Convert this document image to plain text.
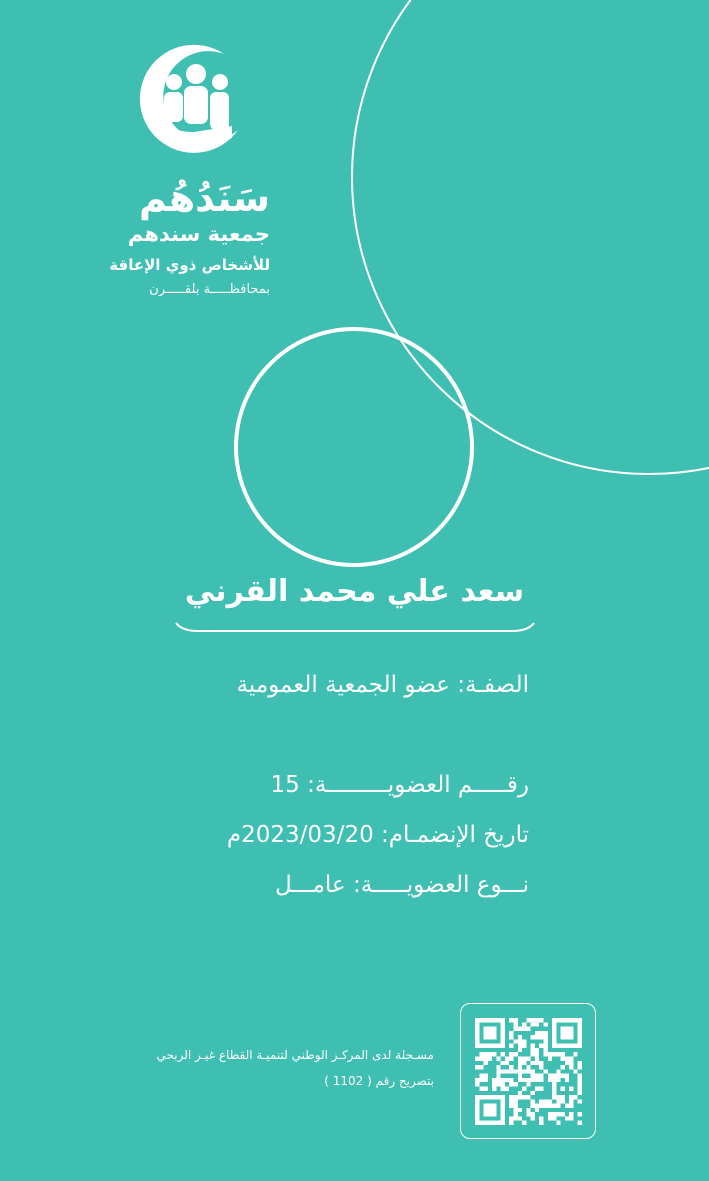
سَنَدُهُم
جمعية سندهم
للأشخاص ذوي الإعاقة
بمحافظـــــة بلقـــــرن
سعد علي محمد القرني
الصفـة: عضو الجمعية العمومية
رقـــــم العضويـــــــــة: 15
تاريخ الإنضمـام: 2023/03/20م
نـــوع العضويـــــة: عامـــل
مسـجلة لدى المركـز الوطني لتنميـة القطاع غيـر الربحي
بتصريح رقم ( 1102 )
